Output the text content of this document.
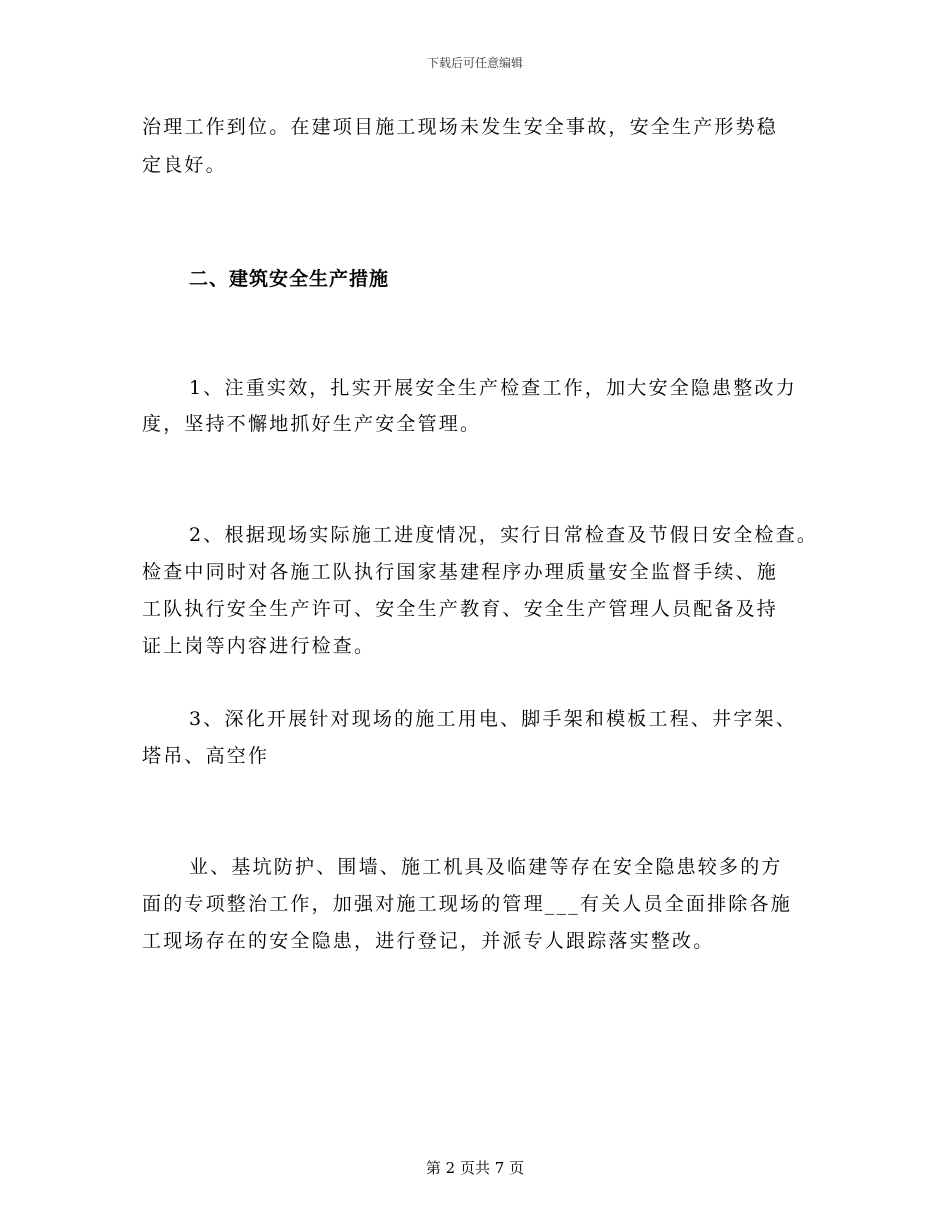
下载后可任意编辑
治理工作到位。在建项目施工现场未发生安全事故，安全生产形势稳
定良好。
二、建筑安全生产措施
1、注重实效，扎实开展安全生产检查工作，加大安全隐患整改力
度，坚持不懈地抓好生产安全管理。
2、根据现场实际施工进度情况，实行日常检查及节假日安全检查。
检查中同时对各施工队执行国家基建程序办理质量安全监督手续、施
工队执行安全生产许可、安全生产教育、安全生产管理人员配备及持
证上岗等内容进行检查。
3、深化开展针对现场的施工用电、脚手架和模板工程、井字架、
塔吊、高空作
业、基坑防护、围墙、施工机具及临建等存在安全隐患较多的方
面的专项整治工作，加强对施工现场的管理___有关人员全面排除各施
工现场存在的安全隐患，进行登记，并派专人跟踪落实整改。
第 2 页共 7 页
